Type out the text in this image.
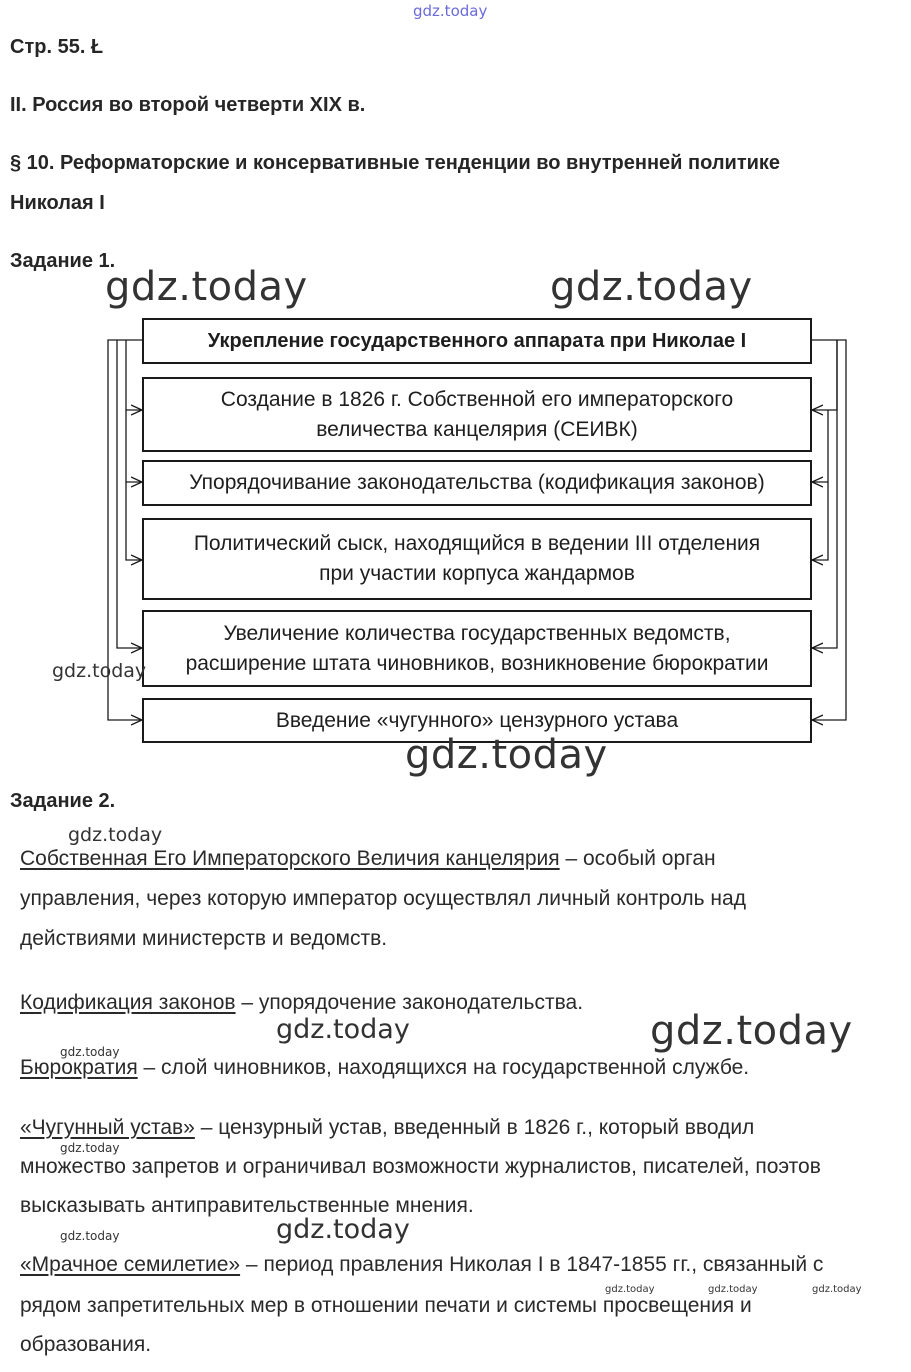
gdz.today
Стр. 55. Ł
II. Россия во второй четверти XIX в.
§ 10. Реформаторские и консервативные тенденции во внутренней политике
Николая I
Задание 1.
gdz.today	gdz.today
Укрепление государственного аппарата при Николае I
Создание в 1826 г. Собственной его императорского
величества канцелярия (СЕИВК)
Упорядочивание законодательства (кодификация законов)
Политический сыск, находящийся в ведении III отделения
при участии корпуса жандармов
Увеличение количества государственных ведомств,
расширение штата чиновников, возникновение бюрократии
Введение «чугунного» цензурного устава
gdz.today
gdz.today
Задание 2.
gdz.today
Собственная Его Императорского Величия канцелярия – особый орган
управления, через которую император осуществлял личный контроль над
действиями министерств и ведомств.
Кодификация законов – упорядочение законодательства.
gdz.today	gdz.today
gdz.today
Бюрократия – слой чиновников, находящихся на государственной службе.
«Чугунный устав» – цензурный устав, введенный в 1826 г., который вводил
множество запретов и ограничивал возможности журналистов, писателей, поэтов
высказывать антиправительственные мнения.
gdz.today
gdz.today	gdz.today
«Мрачное семилетие» – период правления Николая I в 1847-1855 гг., связанный с
рядом запретительных мер в отношении печати и системы просвещения и
образования.
gdz.today	gdz.today	gdz.today
